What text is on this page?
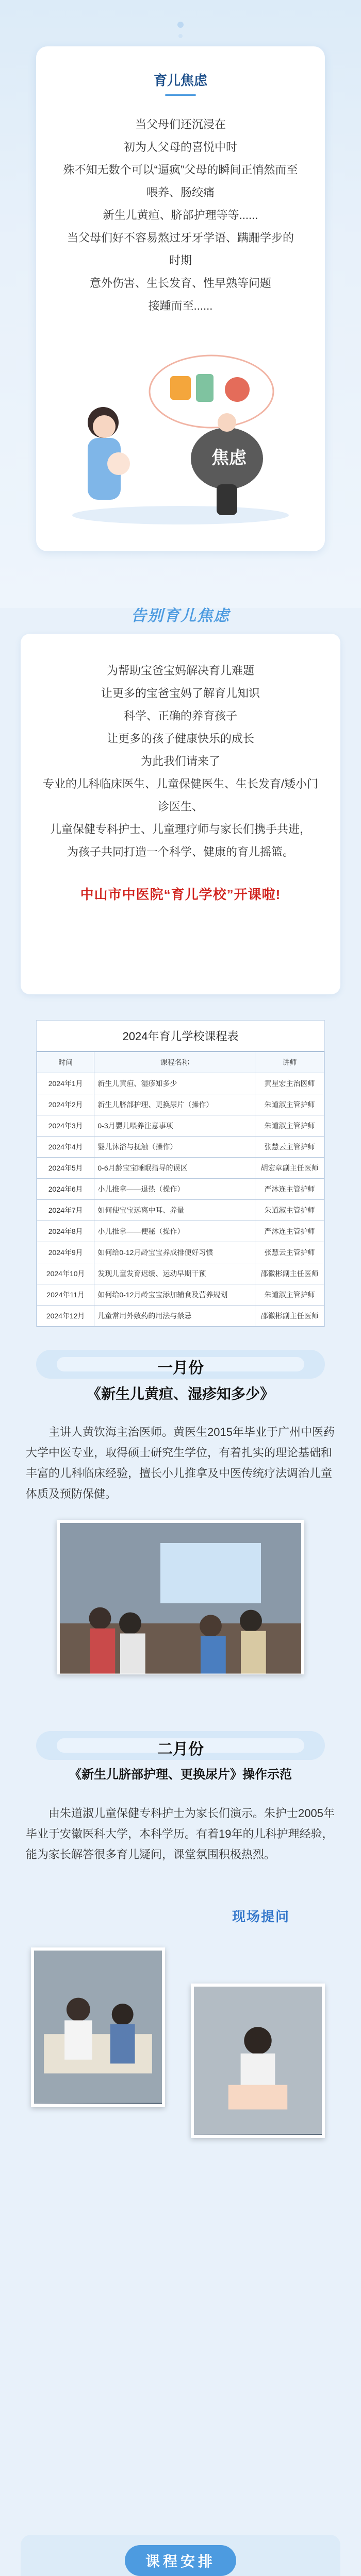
育儿焦虑
当父母们还沉浸在
初为人父母的喜悦中时
殊不知无数个可以“逼疯”父母的瞬间正悄然而至
喂养、肠绞痛
新生儿黄疸、脐部护理等等......
当父母们好不容易熬过牙牙学语、蹒跚学步的时期
意外伤害、生长发育、性早熟等问题
接踵而至......
焦虑
告别育儿焦虑
为帮助宝爸宝妈解决育儿难题
让更多的宝爸宝妈了解育儿知识
科学、正确的养育孩子
让更多的孩子健康快乐的成长
为此我们请来了
专业的儿科临床医生、儿童保健医生、生长发育/矮小门诊医生、
儿童保健专科护士、儿童理疗师与家长们携手共进，
为孩子共同打造一个科学、健康的育儿摇篮。
中山市中医院“育儿学校”开课啦!
2024年育儿学校课程表
时间	课程名称	讲师
2024年1月	新生儿黄疸、湿疹知多少	黄星宏主治医师
2024年2月	新生儿脐部护理、更换尿片（操作）	朱道淑主管护师
2024年3月	0-3月婴儿喂养注意事项	朱道淑主管护师
2024年4月	婴儿沐浴与抚触（操作）	张慧云主管护师
2024年5月	0-6月龄宝宝睡眠指导的误区	胡宏章副主任医师
2024年6月	小儿推拿——退热（操作）	严沐连主管护师
2024年7月	如何使宝宝远离中耳、养量	朱道淑主管护师
2024年8月	小儿推拿——便秘（操作）	严沐连主管护师
2024年9月	如何给0-12月龄宝宝养成排便好习惯	张慧云主管护师
2024年10月	发现儿童发育迟缓、运动早期干预	邵徽彬副主任医师
2024年11月	如何给0-12月龄宝宝添加辅食及营养规划	朱道淑主管护师
2024年12月	儿童常用外敷药的用法与禁忌	邵徽彬副主任医师
一月份
《新生儿黄疸、湿疹知多少》
主讲人黄钦海主治医师。黄医生2015年毕业于广州中医药大学中医专业，取得硕士研究生学位，有着扎实的理论基础和丰富的儿科临床经验，擅长小儿推拿及中医传统疗法调治儿童体质及预防保健。
二月份
《新生儿脐部护理、更换尿片》操作示范
由朱道淑儿童保健专科护士为家长们演示。朱护士2005年毕业于安徽医科大学，本科学历。有着19年的儿科护理经验，能为家长解答很多育儿疑问，课堂氛围积极热烈。
现场提问
课程安排
